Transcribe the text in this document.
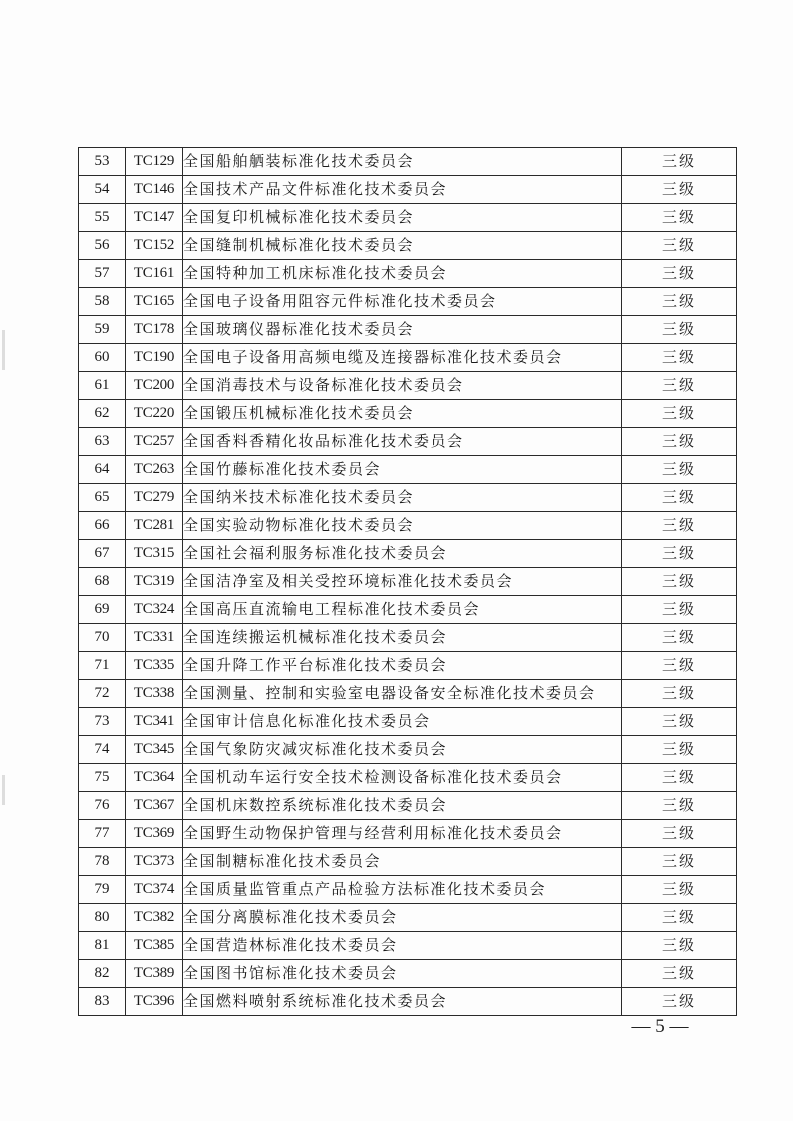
53	TC129	全国船舶舾装标准化技术委员会	三级
54	TC146	全国技术产品文件标准化技术委员会	三级
55	TC147	全国复印机械标准化技术委员会	三级
56	TC152	全国缝制机械标准化技术委员会	三级
57	TC161	全国特种加工机床标准化技术委员会	三级
58	TC165	全国电子设备用阻容元件标准化技术委员会	三级
59	TC178	全国玻璃仪器标准化技术委员会	三级
60	TC190	全国电子设备用高频电缆及连接器标准化技术委员会	三级
61	TC200	全国消毒技术与设备标准化技术委员会	三级
62	TC220	全国锻压机械标准化技术委员会	三级
63	TC257	全国香料香精化妆品标准化技术委员会	三级
64	TC263	全国竹藤标准化技术委员会	三级
65	TC279	全国纳米技术标准化技术委员会	三级
66	TC281	全国实验动物标准化技术委员会	三级
67	TC315	全国社会福利服务标准化技术委员会	三级
68	TC319	全国洁净室及相关受控环境标准化技术委员会	三级
69	TC324	全国高压直流输电工程标准化技术委员会	三级
70	TC331	全国连续搬运机械标准化技术委员会	三级
71	TC335	全国升降工作平台标准化技术委员会	三级
72	TC338	全国测量、控制和实验室电器设备安全标准化技术委员会	三级
73	TC341	全国审计信息化标准化技术委员会	三级
74	TC345	全国气象防灾减灾标准化技术委员会	三级
75	TC364	全国机动车运行安全技术检测设备标准化技术委员会	三级
76	TC367	全国机床数控系统标准化技术委员会	三级
77	TC369	全国野生动物保护管理与经营利用标准化技术委员会	三级
78	TC373	全国制糖标准化技术委员会	三级
79	TC374	全国质量监管重点产品检验方法标准化技术委员会	三级
80	TC382	全国分离膜标准化技术委员会	三级
81	TC385	全国营造林标准化技术委员会	三级
82	TC389	全国图书馆标准化技术委员会	三级
83	TC396	全国燃料喷射系统标准化技术委员会	三级
— 5 —
